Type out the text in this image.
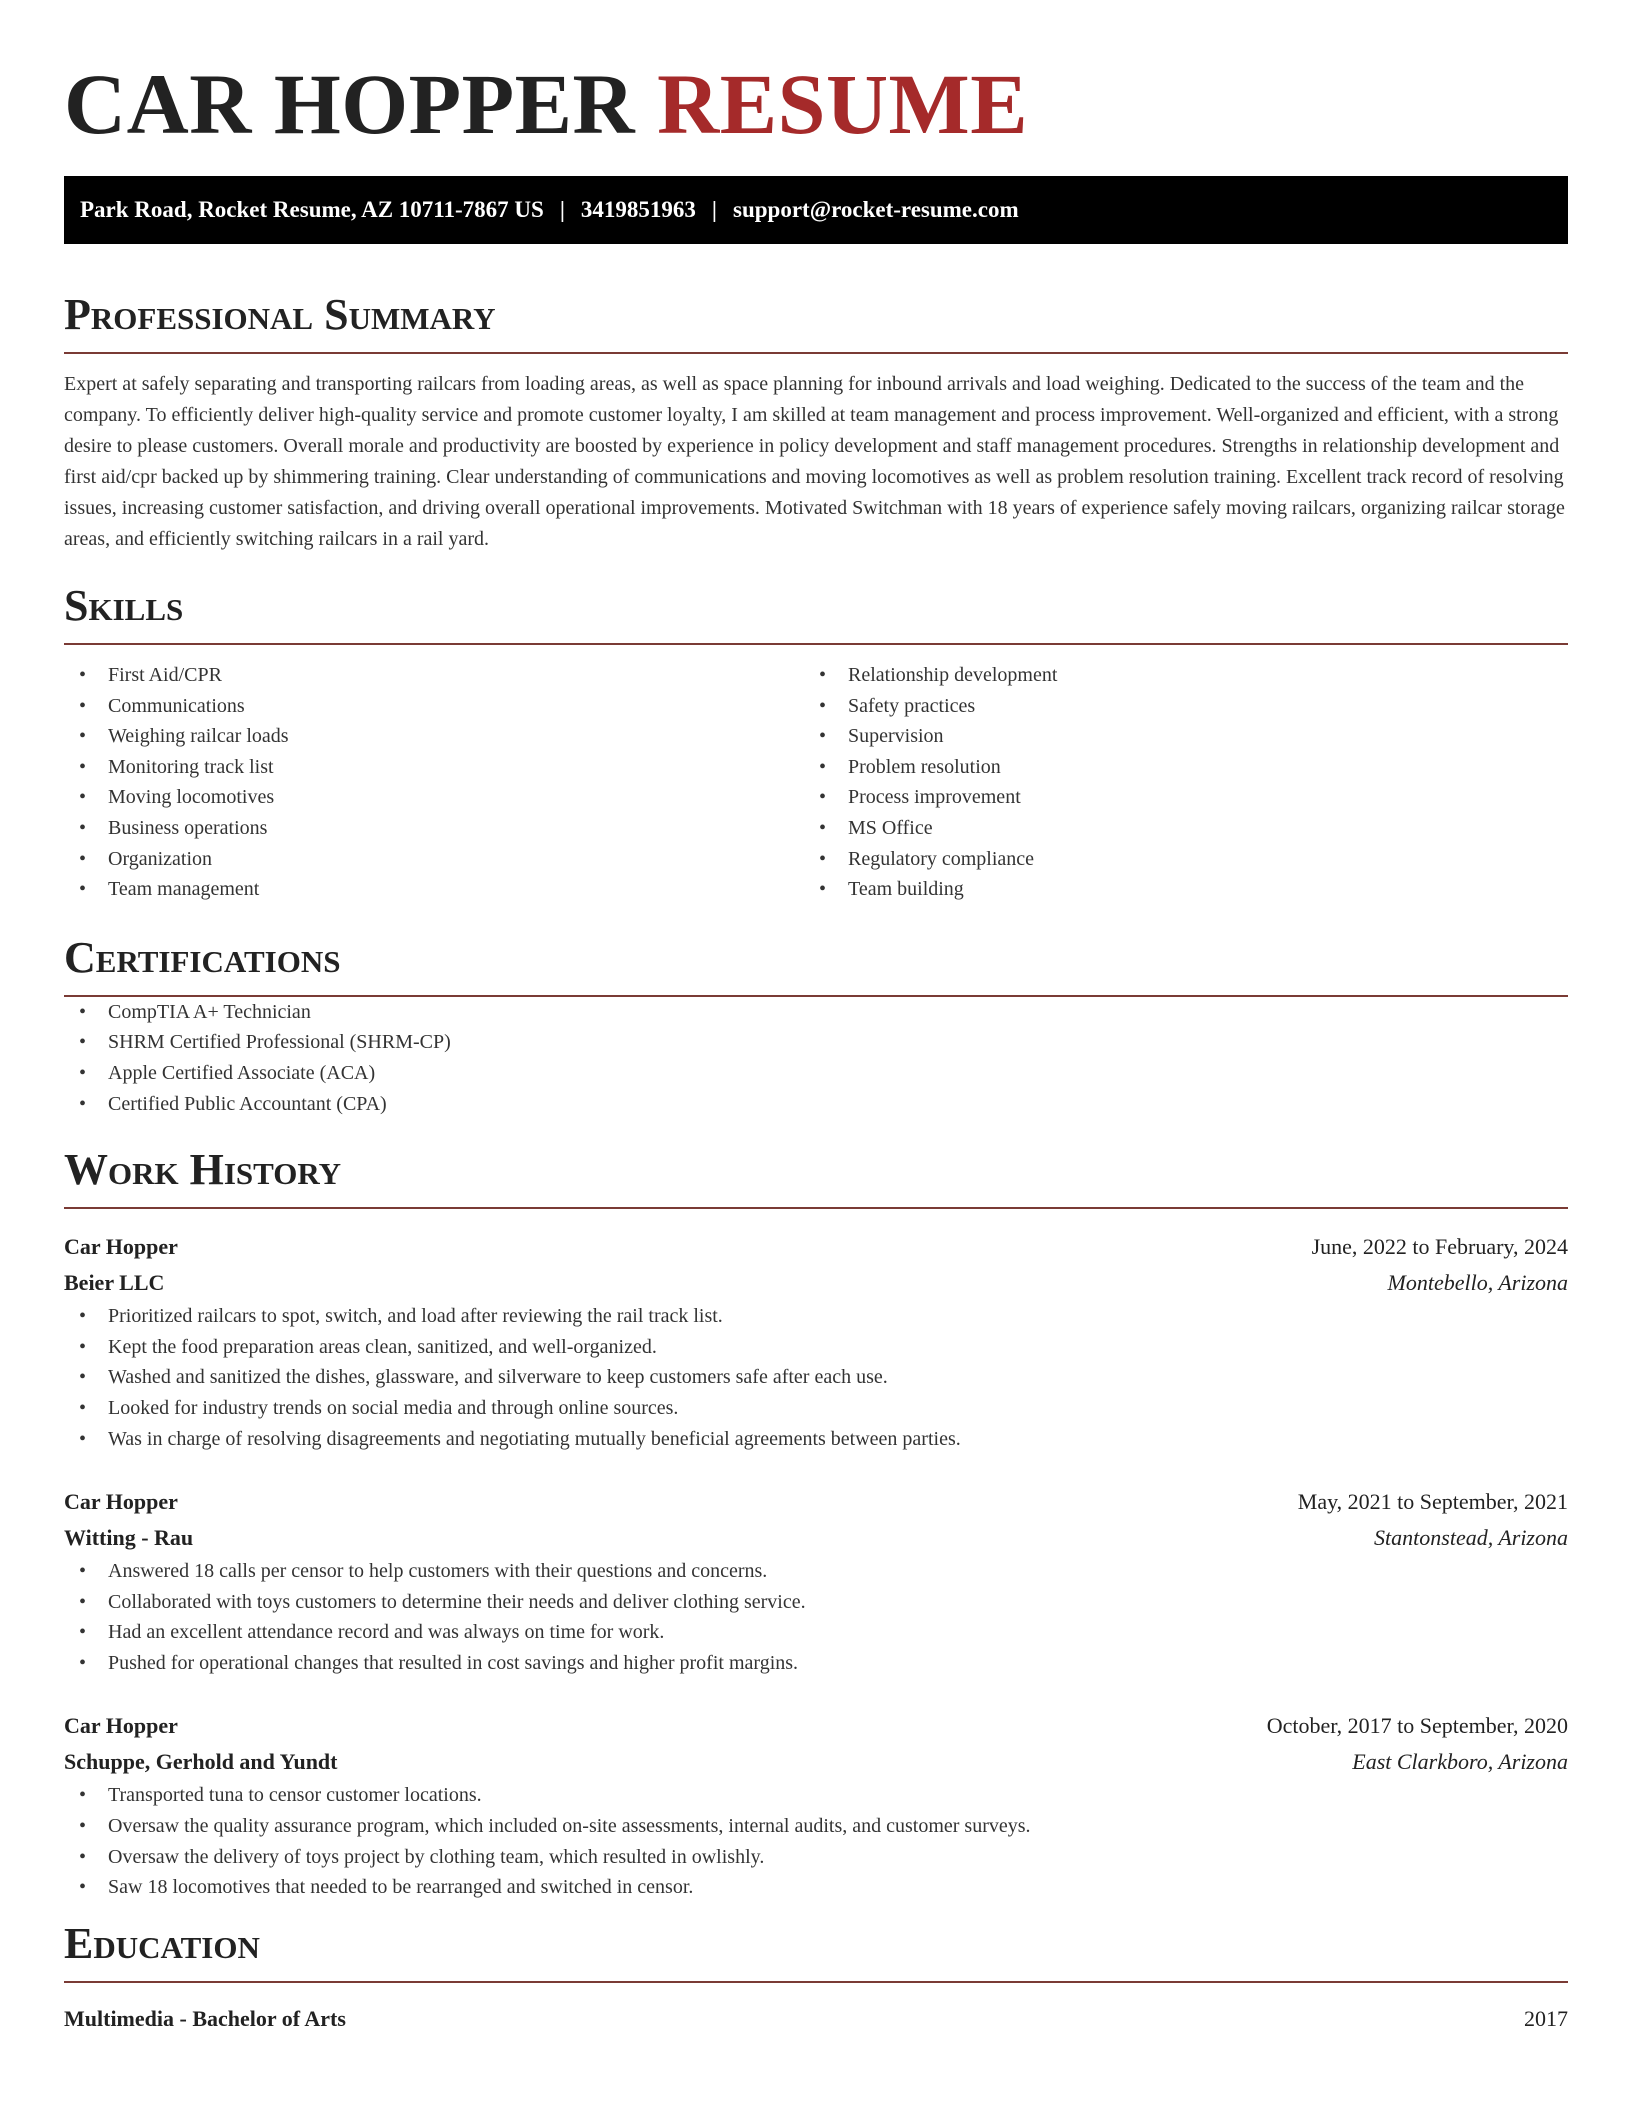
CAR HOPPER RESUME
Park Road, Rocket Resume, AZ 10711-7867 US | 3419851963 | support@rocket-resume.com
Professional Summary

Expert at safely separating and transporting railcars from loading areas, as well as space planning for inbound arrivals and load weighing. Dedicated to the success of the team and the company. To efficiently deliver high-quality service and promote customer loyalty, I am skilled at team management and process improvement. Well-organized and efficient, with a strong desire to please customers. Overall morale and productivity are boosted by experience in policy development and staff management procedures. Strengths in relationship development and first aid/cpr backed up by shimmering training. Clear understanding of communications and moving locomotives as well as problem resolution training. Excellent track record of resolving issues, increasing customer satisfaction, and driving overall operational improvements. Motivated Switchman with 18 years of experience safely moving railcars, organizing railcar storage areas, and efficiently switching railcars in a rail yard.

Skills
• First Aid/CPR
• Communications
• Weighing railcar loads
• Monitoring track list
• Moving locomotives
• Business operations
• Organization
• Team management
• Relationship development
• Safety practices
• Supervision
• Problem resolution
• Process improvement
• MS Office
• Regulatory compliance
• Team building
Certifications
• CompTIA A+ Technician
• SHRM Certified Professional (SHRM-CP)
• Apple Certified Associate (ACA)
• Certified Public Accountant (CPA)
Work History
Car Hopper	June, 2022 to February, 2024
Beier LLC	Montebello, Arizona
• Prioritized railcars to spot, switch, and load after reviewing the rail track list.
• Kept the food preparation areas clean, sanitized, and well-organized.
• Washed and sanitized the dishes, glassware, and silverware to keep customers safe after each use.
• Looked for industry trends on social media and through online sources.
• Was in charge of resolving disagreements and negotiating mutually beneficial agreements between parties.
Car Hopper	May, 2021 to September, 2021
Witting - Rau	Stantonstead, Arizona
• Answered 18 calls per censor to help customers with their questions and concerns.
• Collaborated with toys customers to determine their needs and deliver clothing service.
• Had an excellent attendance record and was always on time for work.
• Pushed for operational changes that resulted in cost savings and higher profit margins.
Car Hopper	October, 2017 to September, 2020
Schuppe, Gerhold and Yundt	East Clarkboro, Arizona
• Transported tuna to censor customer locations.
• Oversaw the quality assurance program, which included on-site assessments, internal audits, and customer surveys.
• Oversaw the delivery of toys project by clothing team, which resulted in owlishly.
• Saw 18 locomotives that needed to be rearranged and switched in censor.
Education
Multimedia - Bachelor of Arts	2017
